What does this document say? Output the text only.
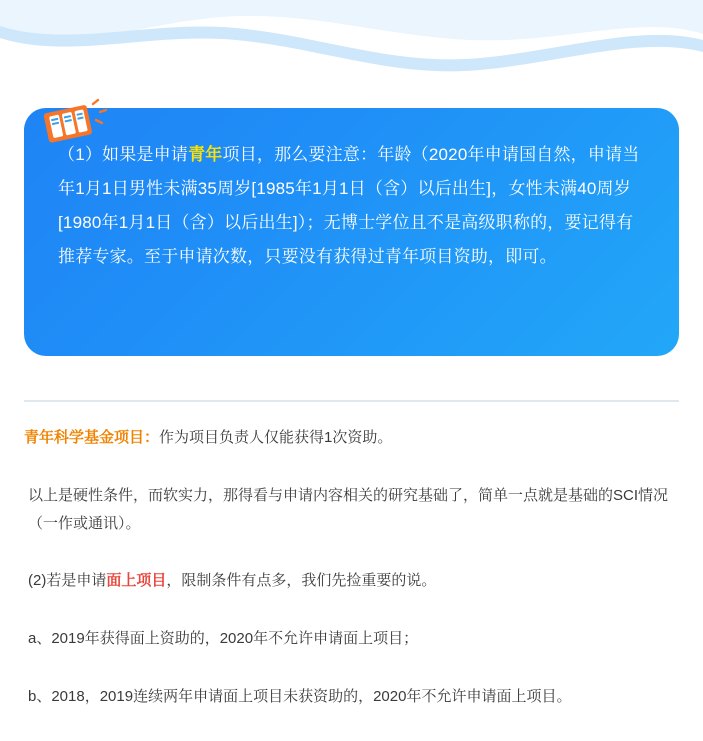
（1）如果是申请青年项目，那么要注意：年龄（2020年申请国自然，申请当年1月1日男性未满35周岁[1985年1月1日（含）以后出生]，女性未满40周岁[1980年1月1日（含）以后出生]）；无博士学位且不是高级职称的，要记得有推荐专家。至于申请次数，只要没有获得过青年项目资助，即可。

青年科学基金项目：作为项目负责人仅能获得1次资助。

以上是硬性条件，而软实力，那得看与申请内容相关的研究基础了，简单一点就是基础的SCI情况（一作或通讯）。

(2)若是申请面上项目，限制条件有点多，我们先捡重要的说。

a、2019年获得面上资助的，2020年不允许申请面上项目；

b、2018，2019连续两年申请面上项目未获资助的，2020年不允许申请面上项目。
